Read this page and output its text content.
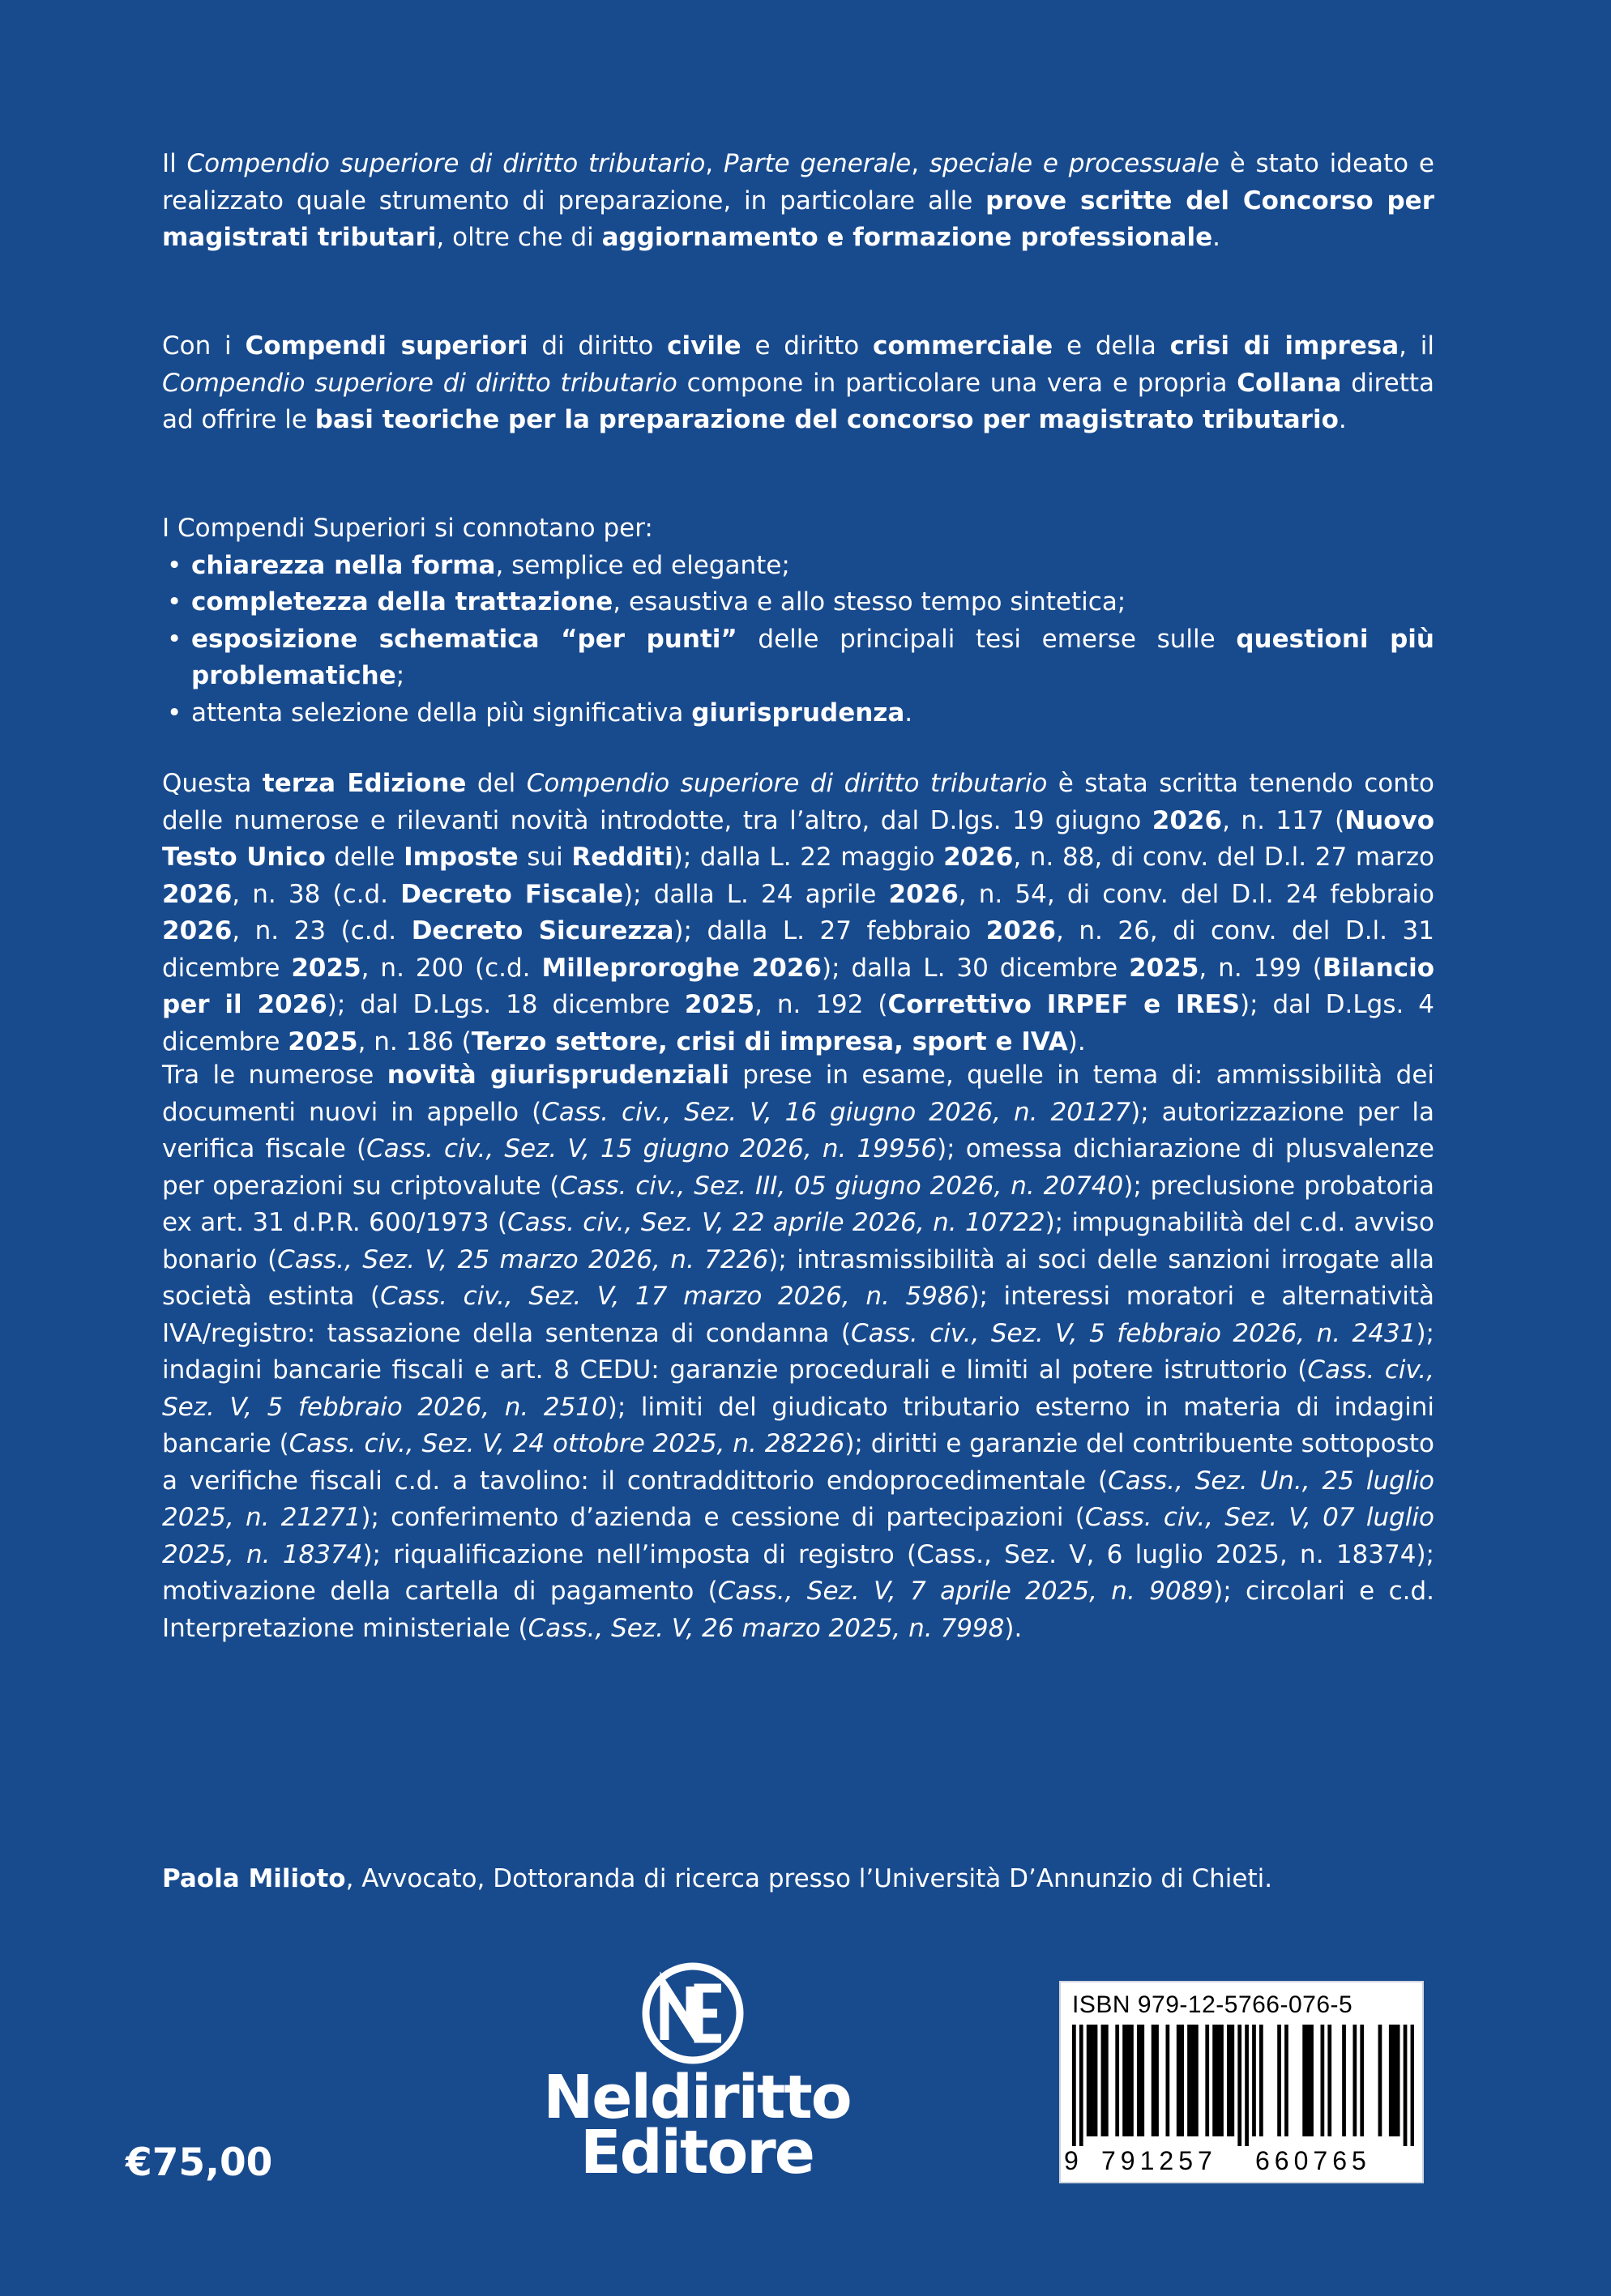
Il Compendio superiore di diritto tributario, Parte generale, speciale e processuale è stato ideato e realizzato quale strumento di preparazione, in particolare alle prove scritte del Concorso per magistrati tributari, oltre che di aggiornamento e formazione professionale.

Con i Compendi superiori di diritto civile e diritto commerciale e della crisi di impresa, il Compendio superiore di diritto tributario compone in particolare una vera e propria Collana diretta ad offrire le basi teoriche per la preparazione del concorso per magistrato tributario.

I Compendi Superiori si connotano per:

• chiarezza nella forma, semplice ed elegante;
• completezza della trattazione, esaustiva e allo stesso tempo sintetica;
• esposizione schematica “per punti” delle principali tesi emerse sulle questioni più problematiche;
• attenta selezione della più significativa giurisprudenza.

Questa terza Edizione del Compendio superiore di diritto tributario è stata scritta tenendo conto delle numerose e rilevanti novità introdotte, tra l’altro, dal D.lgs. 19 giugno 2026, n. 117 (Nuovo Testo Unico delle Imposte sui Redditi); dalla L. 22 maggio 2026, n. 88, di conv. del D.l. 27 marzo 2026, n. 38 (c.d. Decreto Fiscale); dalla L. 24 aprile 2026, n. 54, di conv. del D.l. 24 febbraio 2026, n. 23 (c.d. Decreto Sicurezza); dalla L. 27 febbraio 2026, n. 26, di conv. del D.l. 31 dicembre 2025, n. 200 (c.d. Milleproroghe 2026); dalla L. 30 dicembre 2025, n. 199 (Bilancio per il 2026); dal D.Lgs. 18 dicembre 2025, n. 192 (Correttivo IRPEF e IRES); dal D.Lgs. 4 dicembre 2025, n. 186 (Terzo settore, crisi di impresa, sport e IVA).

Tra le numerose novità giurisprudenziali prese in esame, quelle in tema di: ammissibilità dei documenti nuovi in appello (Cass. civ., Sez. V, 16 giugno 2026, n. 20127); autorizzazione per la verifica fiscale (Cass. civ., Sez. V, 15 giugno 2026, n. 19956); omessa dichiarazione di plusvalenze per operazioni su criptovalute (Cass. civ., Sez. III, 05 giugno 2026, n. 20740); preclusione probatoria ex art. 31 d.P.R. 600/1973 (Cass. civ., Sez. V, 22 aprile 2026, n. 10722); impugnabilità del c.d. avviso bonario (Cass., Sez. V, 25 marzo 2026, n. 7226); intrasmissibilità ai soci delle sanzioni irrogate alla società estinta (Cass. civ., Sez. V, 17 marzo 2026, n. 5986); interessi moratori e alternatività IVA/registro: tassazione della sentenza di condanna (Cass. civ., Sez. V, 5 febbraio 2026, n. 2431); indagini bancarie fiscali e art. 8 CEDU: garanzie procedurali e limiti al potere istruttorio (Cass. civ., Sez. V, 5 febbraio 2026, n. 2510); limiti del giudicato tributario esterno in materia di indagini bancarie (Cass. civ., Sez. V, 24 ottobre 2025, n. 28226); diritti e garanzie del contribuente sottoposto a verifiche fiscali c.d. a tavolino: il contraddittorio endoprocedimentale (Cass., Sez. Un., 25 luglio 2025, n. 21271); conferimento d’azienda e cessione di partecipazioni (Cass. civ., Sez. V, 07 luglio 2025, n. 18374); riqualificazione nell’imposta di registro (Cass., Sez. V, 6 luglio 2025, n. 18374); motivazione della cartella di pagamento (Cass., Sez. V, 7 aprile 2025, n. 9089); circolari e c.d. Interpretazione ministeriale (Cass., Sez. V, 26 marzo 2025, n. 7998).

Paola Milioto, Avvocato, Dottoranda di ricerca presso l’Università D’Annunzio di Chieti.

Neldiritto
Editore
€75,00
ISBN 979-12-5766-076-5
9 791257 660765
